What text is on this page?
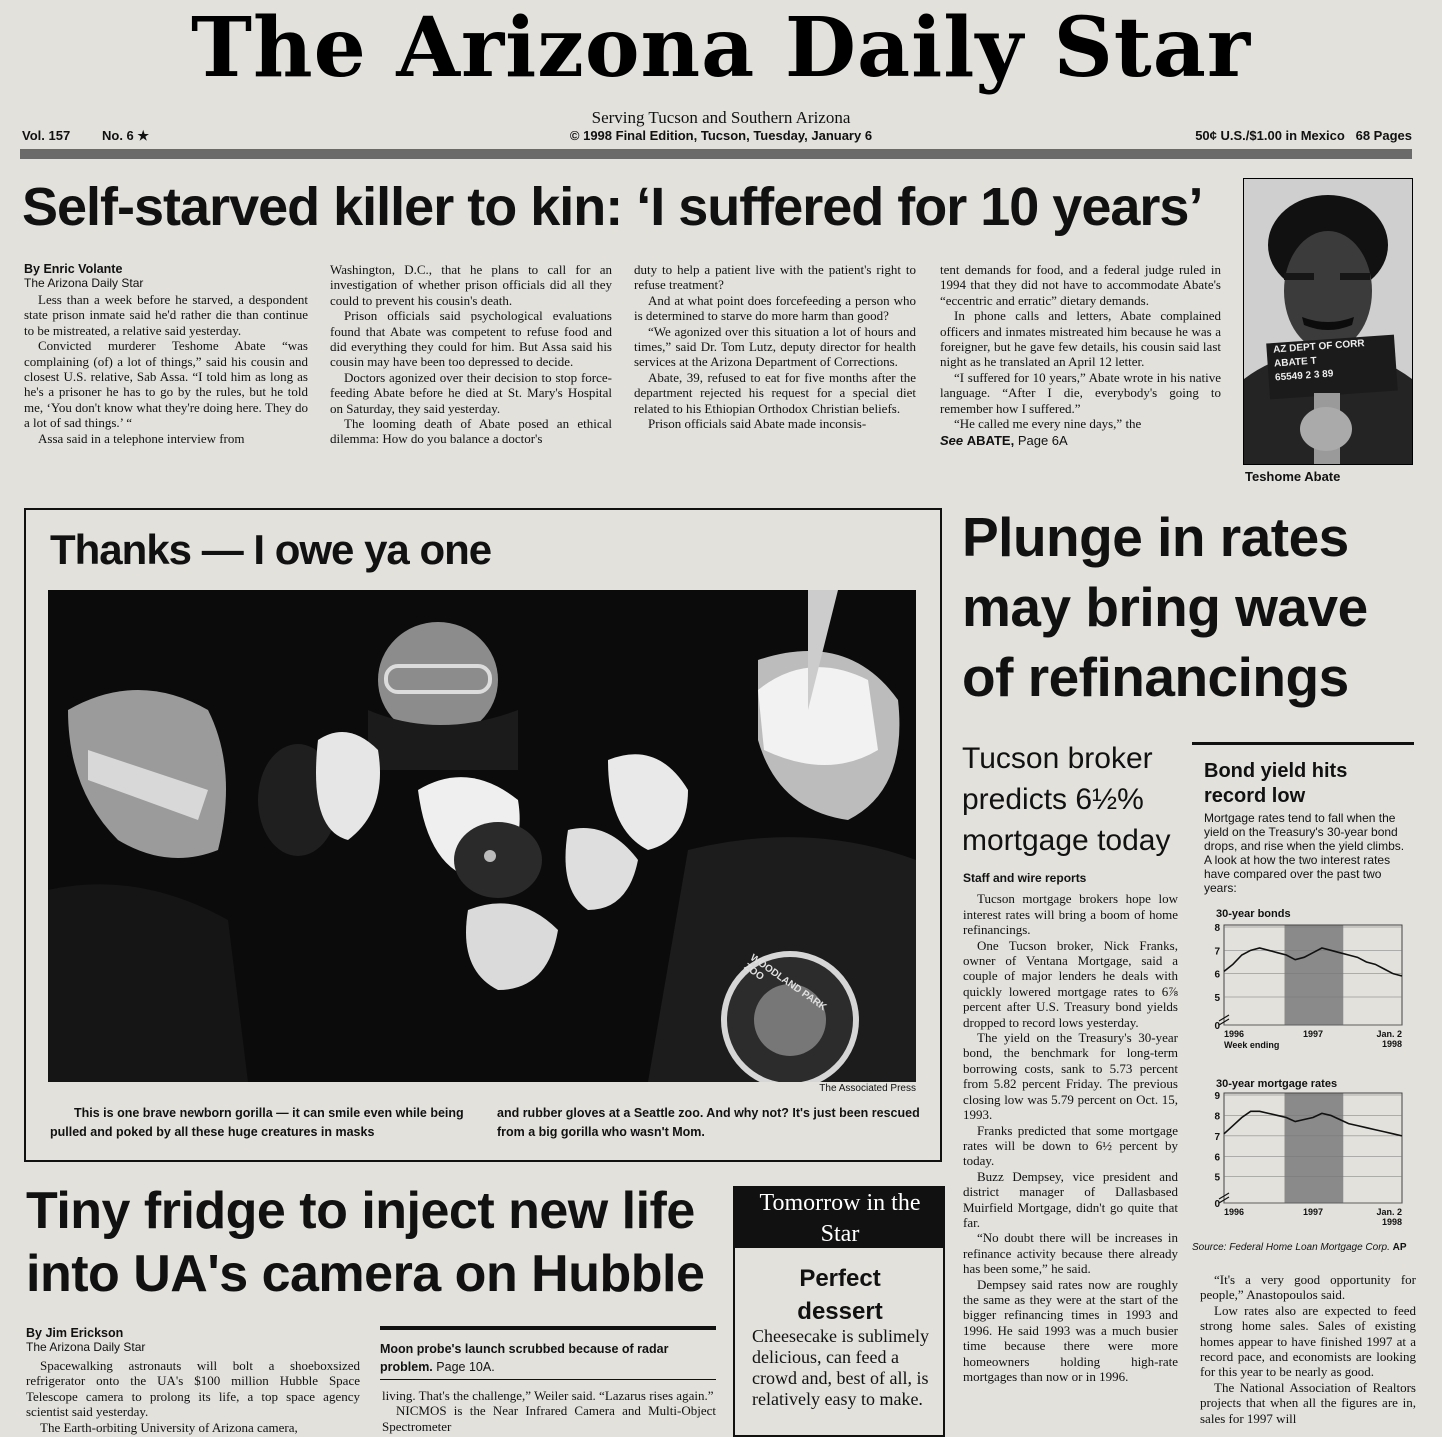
The Arizona Daily Star
Serving Tucson and Southern Arizona
© 1998 Final Edition, Tucson, Tuesday, January 6
Vol. 157 No. 6 ★	50¢ U.S./$1.00 in Mexico   68 Pages
Self-starved killer to kin: ‘I suffered for 10 years’
By Enric Volante
The Arizona Daily Star

Less than a week before he starved, a despondent state prison inmate said he'd rather die than continue to be mistreated, a relative said yesterday.

Convicted murderer Teshome Abate “was complaining (of) a lot of things,” said his cousin and closest U.S. relative, Sab Assa. “I told him as long as he's a prisoner he has to go by the rules, but he told me, ‘You don't know what they're doing here. They do a lot of sad things.’ “

Assa said in a telephone interview from

Washington, D.C., that he plans to call for an investigation of whether prison officials did all they could to prevent his cousin's death.

Prison officials said psychological evaluations found that Abate was competent to refuse food and did everything they could for him. But Assa said his cousin may have been too depressed to decide.

Doctors agonized over their decision to stop force-feeding Abate before he died at St. Mary's Hospital on Saturday, they said yesterday.

The looming death of Abate posed an ethical dilemma: How do you balance a doctor's

duty to help a patient live with the patient's right to refuse treatment?

And at what point does forcefeeding a person who is determined to starve do more harm than good?

“We agonized over this situation a lot of hours and times,” said Dr. Tom Lutz, deputy director for health services at the Arizona Department of Corrections.

Abate, 39, refused to eat for five months after the department rejected his request for a special diet related to his Ethiopian Orthodox Christian beliefs.

Prison officials said Abate made inconsis-

tent demands for food, and a federal judge ruled in 1994 that they did not have to accommodate Abate's “eccentric and erratic” dietary demands.

In phone calls and letters, Abate complained officers and inmates mistreated him because he was a foreigner, but he gave few details, his cousin said last night as he translated an April 12 letter.

“I suffered for 10 years,” Abate wrote in his native language. “After I die, everybody's going to remember how I suffered.”

“He called me every nine days,” the

See ABATE, Page 6A
AZ DEPT OF CORR
ABATE T
65549 2 3 89
Teshome Abate
Thanks — I owe ya one
WOODLAND PARK ZOO
The Associated Press
This is one brave newborn gorilla — it can smile even while being pulled and poked by all these huge creatures in masks
and rubber gloves at a Seattle zoo. And why not? It's just been rescued from a big gorilla who wasn't Mom.
Plunge in rates may bring wave of refinancings
Tucson broker predicts 6½% mortgage today
Staff and wire reports

Tucson mortgage brokers hope low interest rates will bring a boom of home refinancings.

One Tucson broker, Nick Franks, owner of Ventana Mortgage, said a couple of major lenders he deals with quickly lowered mortgage rates to 6⅞ percent after U.S. Treasury bond yields dropped to record lows yesterday.

The yield on the Treasury's 30-year bond, the benchmark for long-term borrowing costs, sank to 5.73 percent from 5.82 percent Friday. The previous closing low was 5.79 percent on Oct. 15, 1993.

Franks predicted that some mortgage rates will be down to 6½ percent by today.

Buzz Dempsey, vice president and district manager of Dallasbased Muirfield Mortgage, didn't go quite that far.

“No doubt there will be increases in refinance activity because there already has been some,” he said.

Dempsey said rates now are roughly the same as they were at the start of the bigger refinancing times in 1993 and 1996. He said 1993 was a much busier time because there were more homeowners holding high-rate mortgages than now or in 1996.

“It's a very good opportunity for people,” Anastopoulos said.

Low rates also are expected to feed strong home sales. Sales of existing homes appear to have finished 1997 at a record pace, and economists are looking for this year to be nearly as good.

The National Association of Realtors projects that when all the figures are in, sales for 1997 will

Bond yield hits record low
Mortgage rates tend to fall when the yield on the Treasury's 30-year bond drops, and rise when the yield climbs. A look at how the two interest rates have compared over the past two years:
30-year bonds
0
5
6
7
8
1996	1997	Jan. 2 1998
Week ending
30-year mortgage rates
0
5
6
7
8
9
1996	1997	Jan. 2 1998
Source: Federal Home Loan Mortgage Corp. AP
Tiny fridge to inject new life into UA's camera on Hubble
By Jim Erickson
The Arizona Daily Star

Spacewalking astronauts will bolt a shoeboxsized refrigerator onto the UA's $100 million Hubble Space Telescope camera to prolong its life, a top space agency scientist said yesterday.

The Earth-orbiting University of Arizona camera,

Moon probe's launch scrubbed because of radar problem. Page 10A.

living. That's the challenge,” Weiler said. “Lazarus rises again.”

NICMOS is the Near Infrared Camera and Multi-Object Spectrometer

Tomorrow in the Star
Perfect dessert
Cheesecake is sublimely delicious, can feed a crowd and, best of all, is relatively easy to make.
